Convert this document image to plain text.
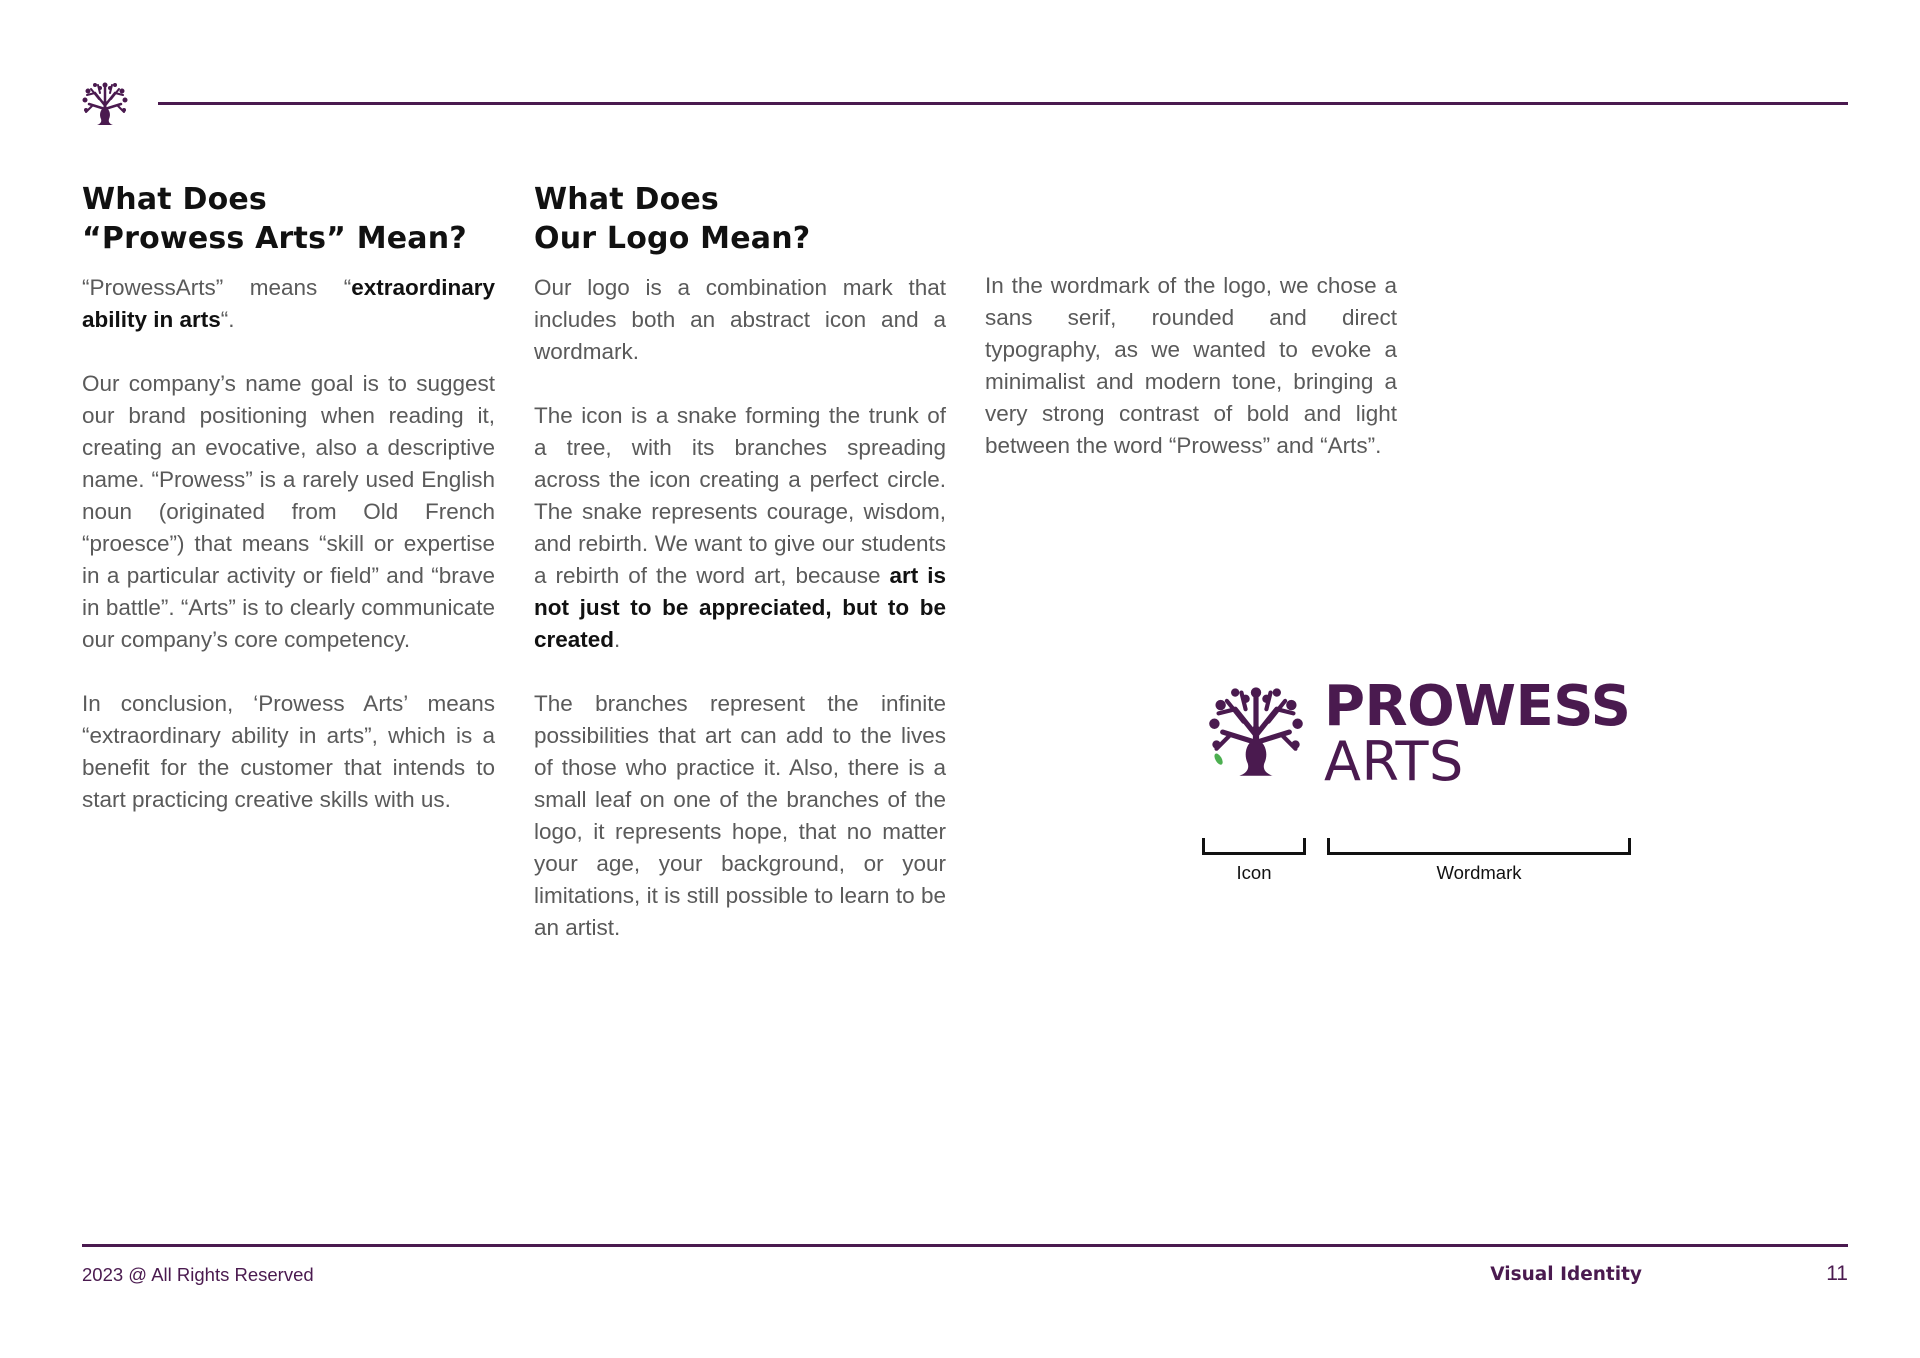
What Does
“Prowess Arts” Mean?

“ProwessArts” means “extraordinary ability in arts“.

Our company’s name goal is to suggest our brand positioning when reading it, creating an evocative, also a descriptive name. “Prowess” is a rarely used English noun (originated from Old French “proesce”) that means “skill or expertise in a particular activity or field” and “brave in battle”. “Arts” is to clearly communicate our company’s core competency.

In conclusion, ‘Prowess Arts’ means “extraordinary ability in arts”, which is a benefit for the customer that intends to start practicing creative skills with us.

What Does
Our Logo Mean?

Our logo is a combination mark that includes both an abstract icon and a wordmark.

The icon is a snake forming the trunk of a tree, with its branches spreading across the icon creating a perfect circle. The snake represents courage, wisdom, and rebirth. We want to give our students a rebirth of the word art, because art is not just to be appreciated, but to be created.

The branches represent the infinite possibilities that art can add to the lives of those who practice it. Also, there is a small leaf on one of the branches of the logo, it represents hope, that no matter your age, your background, or your limitations, it is still possible to learn to be an artist.

In the wordmark of the logo, we chose a sans serif, rounded and direct typography, as we wanted to evoke a minimalist and modern tone, bringing a very strong contrast of bold and light between the word “Prowess” and “Arts”.

PROWESS
ARTS
Icon	Wordmark
2023 @ All Rights Reserved	Visual Identity	11
